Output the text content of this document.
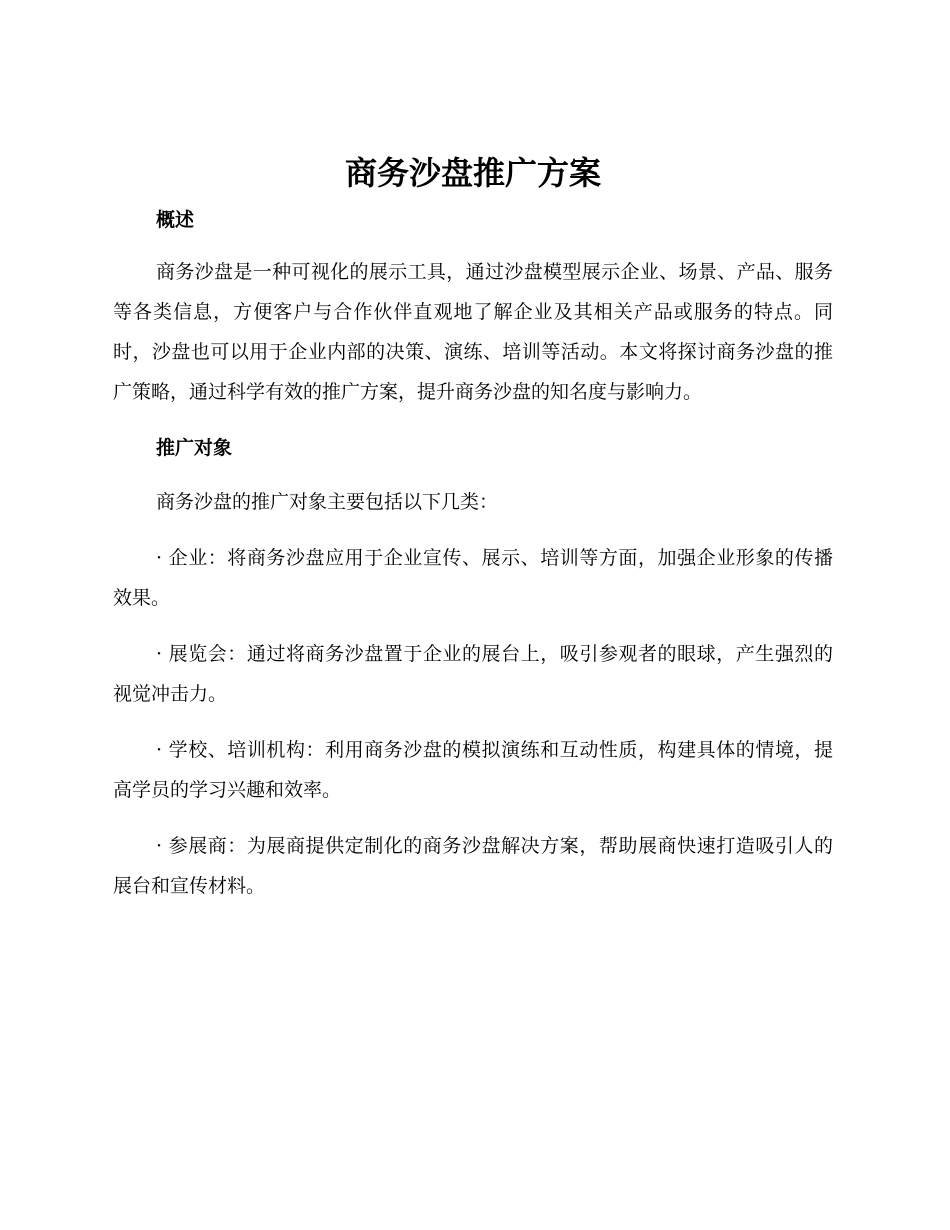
商务沙盘推广方案
概述

商务沙盘是一种可视化的展示工具，通过沙盘模型展示企业、场景、产品、服务等各类信息，方便客户与合作伙伴直观地了解企业及其相关产品或服务的特点。同时，沙盘也可以用于企业内部的决策、演练、培训等活动。本文将探讨商务沙盘的推广策略，通过科学有效的推广方案，提升商务沙盘的知名度与影响力。

推广对象

商务沙盘的推广对象主要包括以下几类：

· 企业：将商务沙盘应用于企业宣传、展示、培训等方面，加强企业形象的传播效果。

· 展览会：通过将商务沙盘置于企业的展台上，吸引参观者的眼球，产生强烈的视觉冲击力。

· 学校、培训机构：利用商务沙盘的模拟演练和互动性质，构建具体的情境，提高学员的学习兴趣和效率。

· 参展商：为展商提供定制化的商务沙盘解决方案，帮助展商快速打造吸引人的展台和宣传材料。
